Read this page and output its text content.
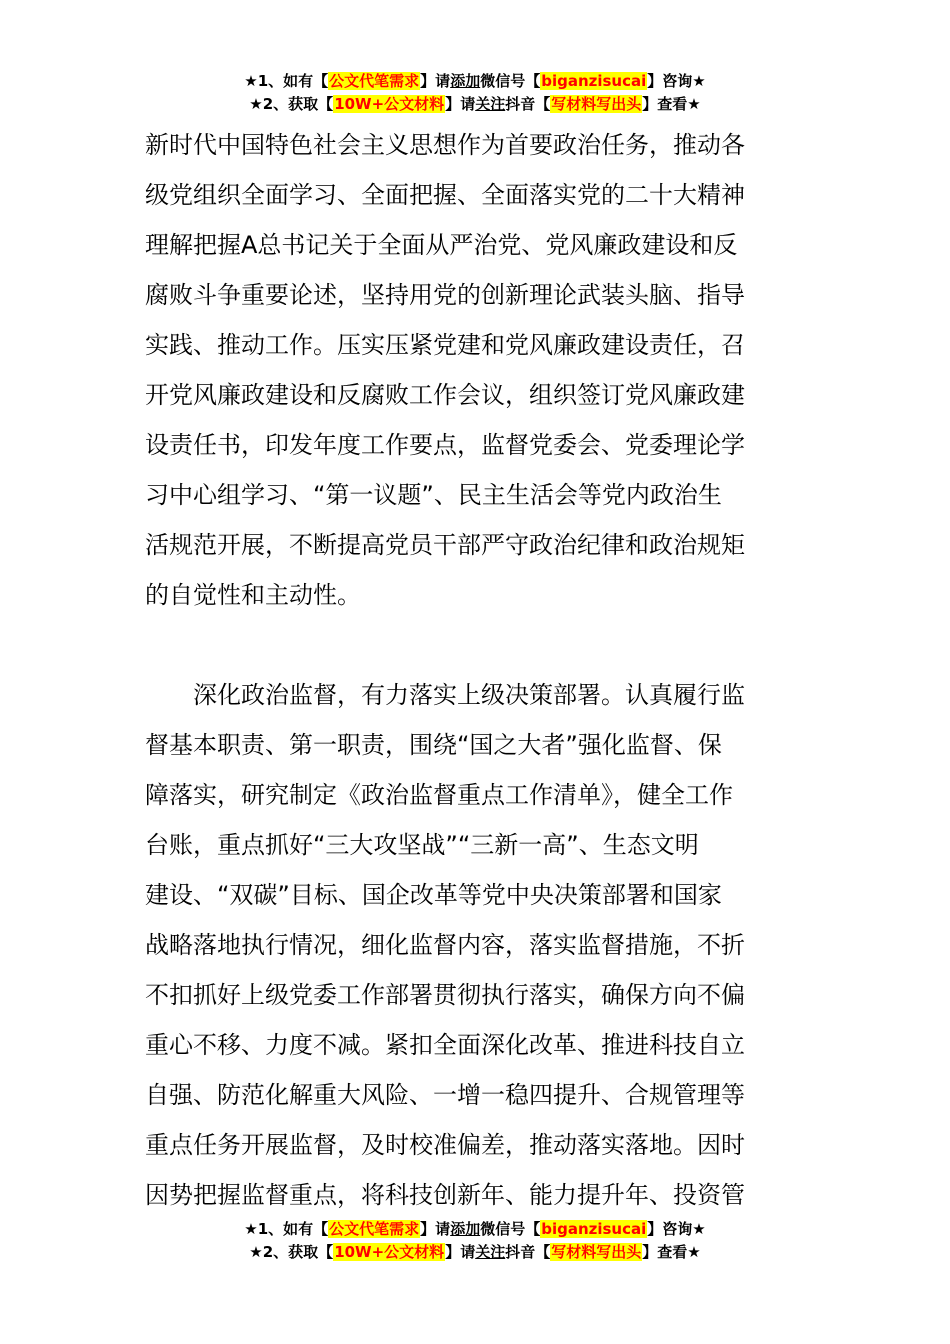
★1、如有【公文代笔需求】请添加微信号【biganzisucai】咨询★
★2、获取【10W+公文材料】请关注抖音【写材料写出头】查看★
新时代中国特色社会主义思想作为首要政治任务，推动各
级党组织全面学习、全面把握、全面落实党的二十大精神
理解把握A总书记关于全面从严治党、党风廉政建设和反
腐败斗争重要论述，坚持用党的创新理论武装头脑、指导
实践、推动工作。压实压紧党建和党风廉政建设责任，召
开党风廉政建设和反腐败工作会议，组织签订党风廉政建
设责任书，印发年度工作要点，监督党委会、党委理论学
习中心组学习、“第一议题”、民主生活会等党内政治生
活规范开展，不断提高党员干部严守政治纪律和政治规矩
的自觉性和主动性。
　　深化政治监督，有力落实上级决策部署。认真履行监
督基本职责、第一职责，围绕“国之大者”强化监督、保
障落实，研究制定《政治监督重点工作清单》，健全工作
台账，重点抓好“三大攻坚战”“三新一高”、生态文明
建设、“双碳”目标、国企改革等党中央决策部署和国家
战略落地执行情况，细化监督内容，落实监督措施，不折
不扣抓好上级党委工作部署贯彻执行落实，确保方向不偏
重心不移、力度不减。紧扣全面深化改革、推进科技自立
自强、防范化解重大风险、一增一稳四提升、合规管理等
重点任务开展监督，及时校准偏差，推动落实落地。因时
因势把握监督重点，将科技创新年、能力提升年、投资管
★1、如有【公文代笔需求】请添加微信号【biganzisucai】咨询★
★2、获取【10W+公文材料】请关注抖音【写材料写出头】查看★
